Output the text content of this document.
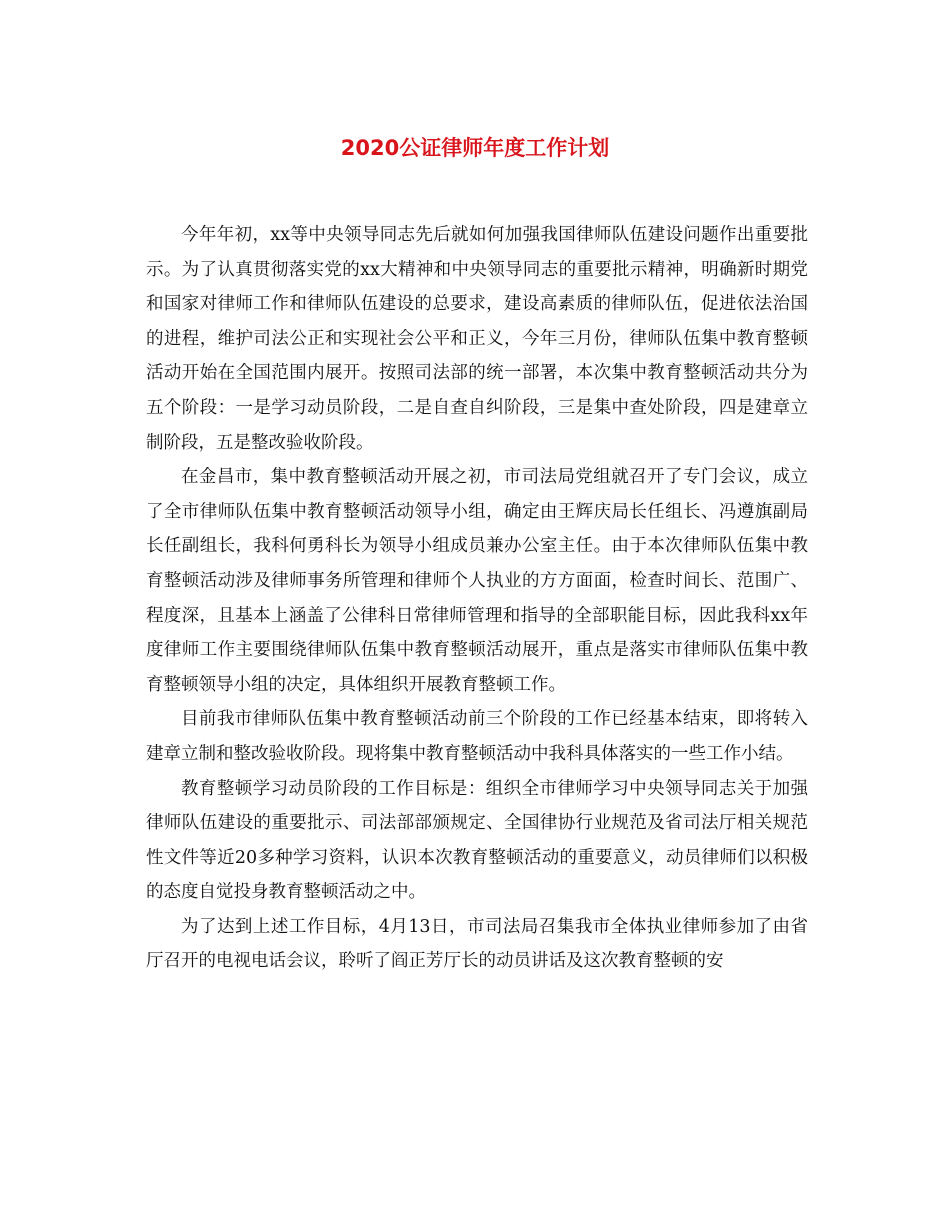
2020公证律师年度工作计划

今年年初，xx等中央领导同志先后就如何加强我国律师队伍建设问题作出重要批示。为了认真贯彻落实党的xx大精神和中央领导同志的重要批示精神，明确新时期党和国家对律师工作和律师队伍建设的总要求，建设高素质的律师队伍，促进依法治国的进程，维护司法公正和实现社会公平和正义，今年三月份，律师队伍集中教育整顿活动开始在全国范围内展开。按照司法部的统一部署，本次集中教育整顿活动共分为五个阶段：一是学习动员阶段，二是自查自纠阶段，三是集中查处阶段，四是建章立制阶段，五是整改验收阶段。

在金昌市，集中教育整顿活动开展之初，市司法局党组就召开了专门会议，成立了全市律师队伍集中教育整顿活动领导小组，确定由王辉庆局长任组长、冯遵旗副局长任副组长，我科何勇科长为领导小组成员兼办公室主任。由于本次律师队伍集中教育整顿活动涉及律师事务所管理和律师个人执业的方方面面，检查时间长、范围广、程度深，且基本上涵盖了公律科日常律师管理和指导的全部职能目标，因此我科xx年度律师工作主要围绕律师队伍集中教育整顿活动展开，重点是落实市律师队伍集中教育整顿领导小组的决定，具体组织开展教育整顿工作。

目前我市律师队伍集中教育整顿活动前三个阶段的工作已经基本结束，即将转入建章立制和整改验收阶段。现将集中教育整顿活动中我科具体落实的一些工作小结。

教育整顿学习动员阶段的工作目标是：组织全市律师学习中央领导同志关于加强律师队伍建设的重要批示、司法部部颁规定、全国律协行业规范及省司法厅相关规范性文件等近20多种学习资料，认识本次教育整顿活动的重要意义，动员律师们以积极的态度自觉投身教育整顿活动之中。

为了达到上述工作目标，4月13日，市司法局召集我市全体执业律师参加了由省厅召开的电视电话会议，聆听了阎正芳厅长的动员讲话及这次教育整顿的安
